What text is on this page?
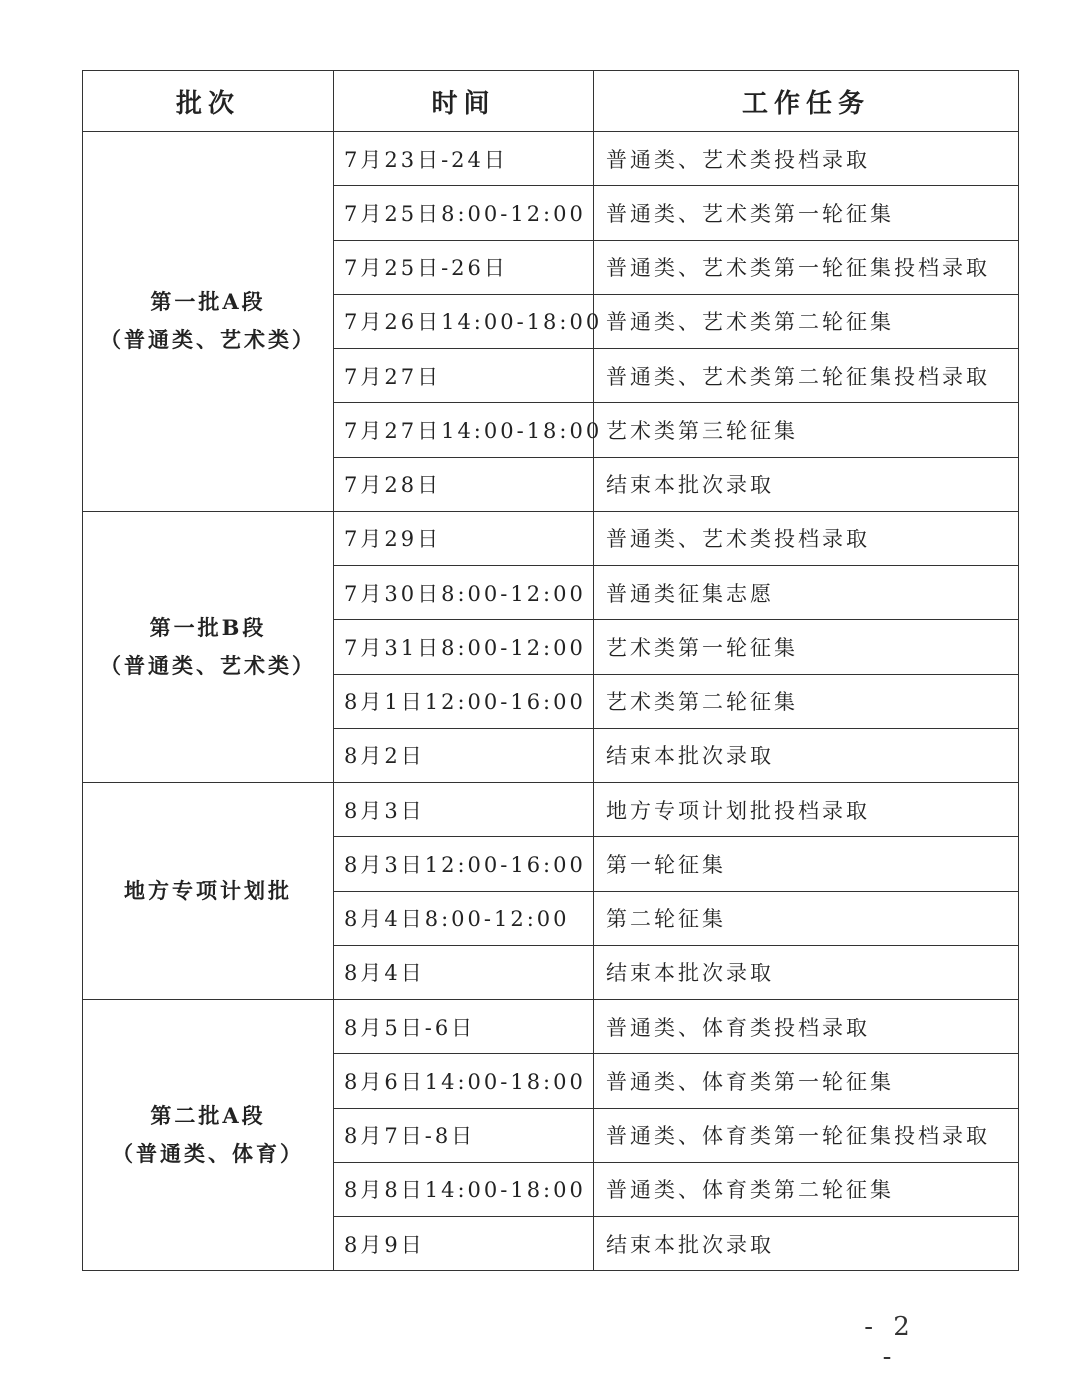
批次	时间	工作任务

第一批A段
（普通类、艺术类）	7月23日-24日	普通类、艺术类投档录取
	7月25日8:00-12:00	普通类、艺术类第一轮征集
	7月25日-26日	普通类、艺术类第一轮征集投档录取
	7月26日14:00-18:00	普通类、艺术类第二轮征集
	7月27日	普通类、艺术类第二轮征集投档录取
	7月27日14:00-18:00	艺术类第三轮征集
	7月28日	结束本批次录取

第一批B段
（普通类、艺术类）	7月29日	普通类、艺术类投档录取
	7月30日8:00-12:00	普通类征集志愿
	7月31日8:00-12:00	艺术类第一轮征集
	8月1日12:00-16:00	艺术类第二轮征集
	8月2日	结束本批次录取

地方专项计划批	8月3日	地方专项计划批投档录取
	8月3日12:00-16:00	第一轮征集
	8月4日8:00-12:00	第二轮征集
	8月4日	结束本批次录取

第二批A段
（普通类、体育）	8月5日-6日	普通类、体育类投档录取
	8月6日14:00-18:00	普通类、体育类第一轮征集
	8月7日-8日	普通类、体育类第一轮征集投档录取
	8月8日14:00-18:00	普通类、体育类第二轮征集
	8月9日	结束本批次录取
- 2 -
